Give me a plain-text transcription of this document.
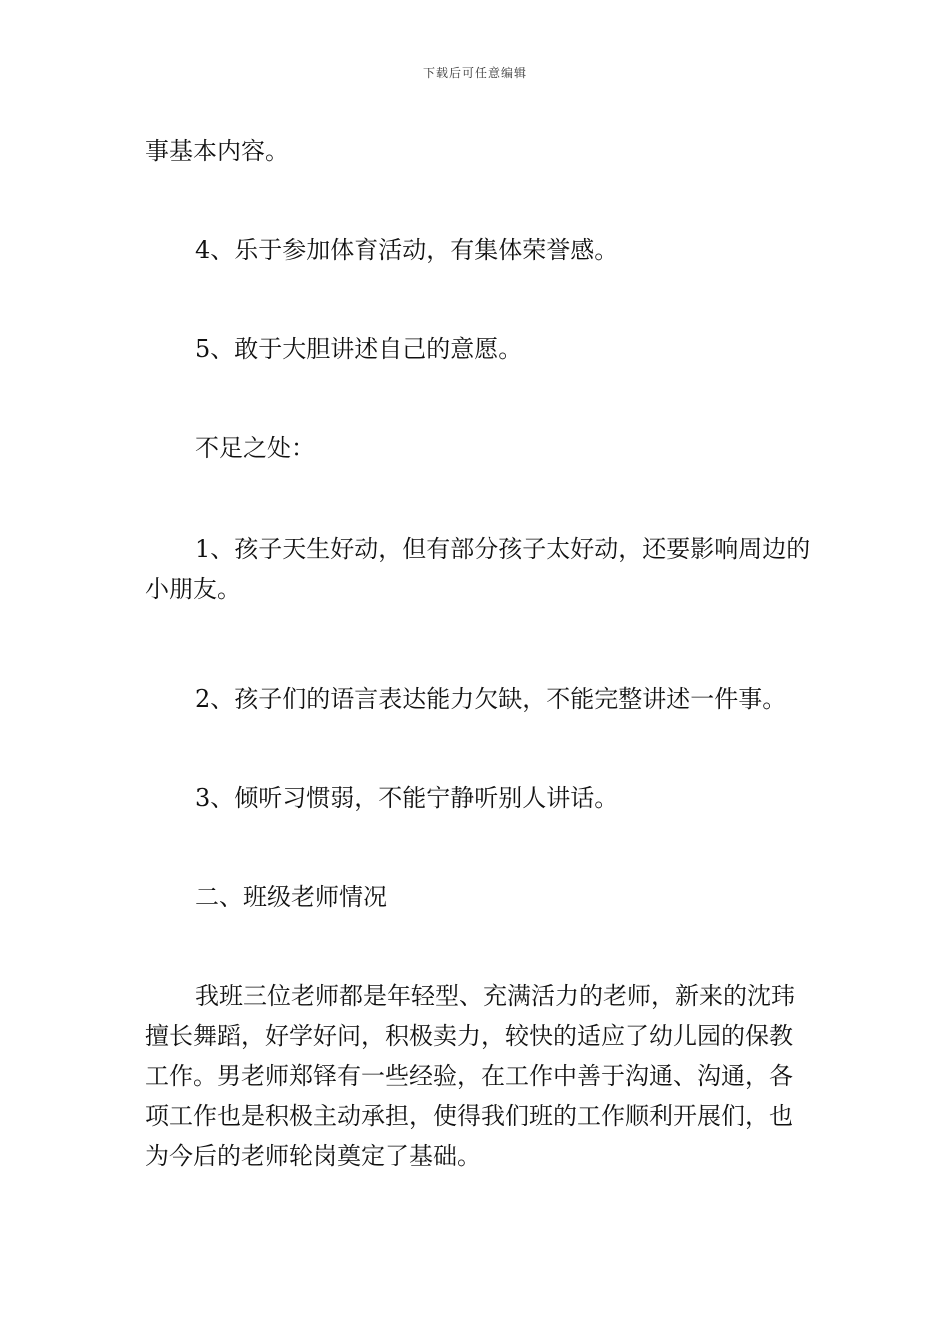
下载后可任意编辑

事基本内容。

4、乐于参加体育活动，有集体荣誉感。

5、敢于大胆讲述自己的意愿。

不足之处：

1、孩子天生好动，但有部分孩子太好动，还要影响周边的小朋友。

2、孩子们的语言表达能力欠缺，不能完整讲述一件事。

3、倾听习惯弱，不能宁静听别人讲话。

二、班级老师情况

我班三位老师都是年轻型、充满活力的老师，新来的沈玮擅长舞蹈，好学好问，积极卖力，较快的适应了幼儿园的保教工作。男老师郑铎有一些经验，在工作中善于沟通、沟通，各项工作也是积极主动承担，使得我们班的工作顺利开展们，也为今后的老师轮岗奠定了基础。
